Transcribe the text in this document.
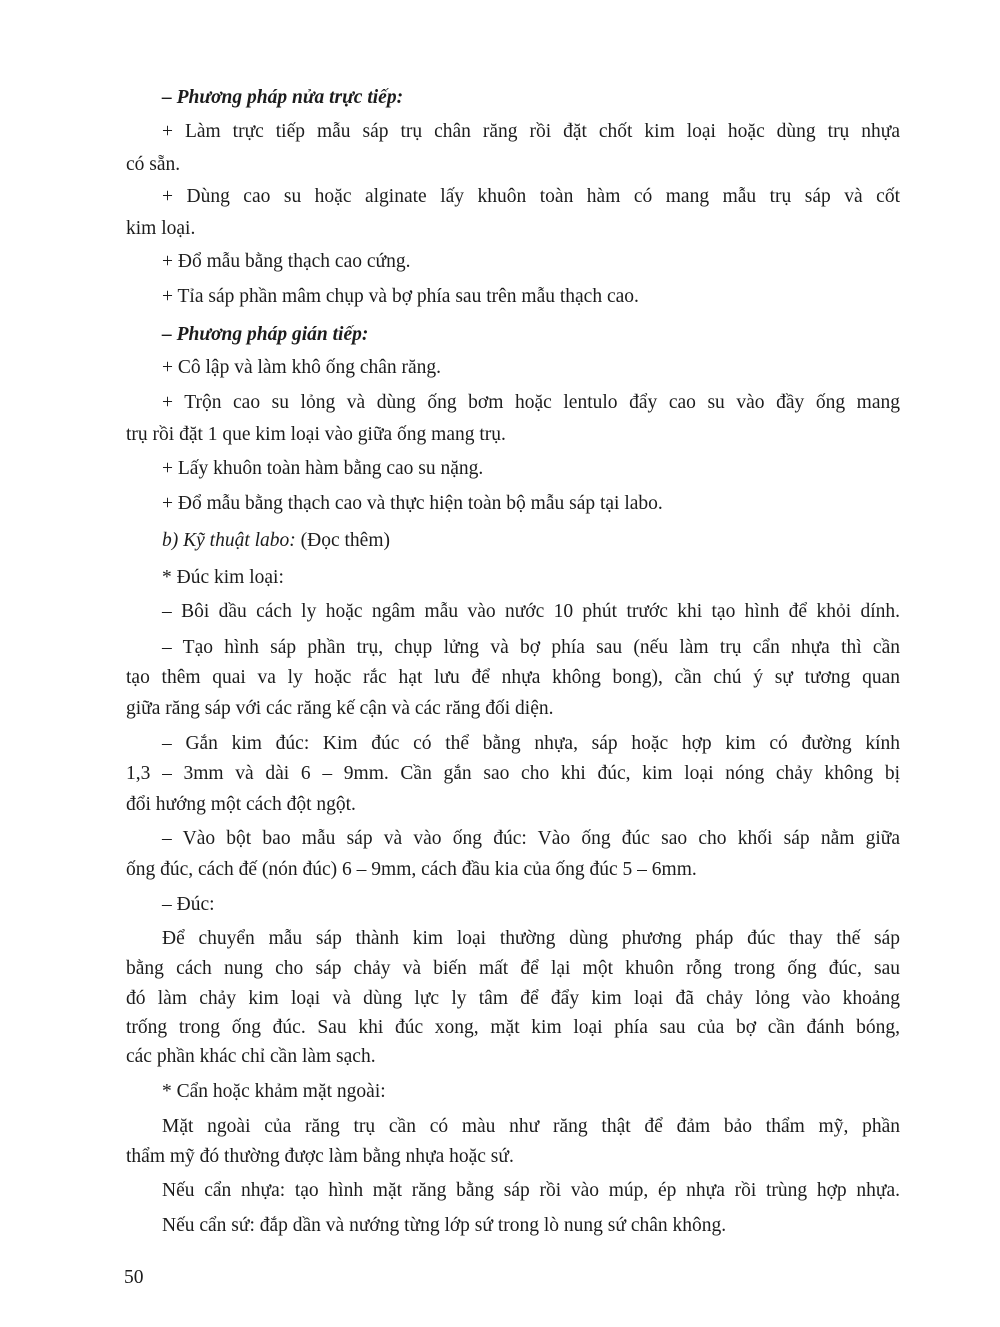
– Phương pháp nửa trực tiếp:

+ Làm trực tiếp mẫu sáp trụ chân răng rồi đặt chốt kim loại hoặc dùng trụ nhựa

có sẵn.

+ Dùng cao su hoặc alginate lấy khuôn toàn hàm có mang mẫu trụ sáp và cốt

kim loại.

+ Đổ mẫu bằng thạch cao cứng.

+ Tỉa sáp phần mâm chụp và bợ phía sau trên mẫu thạch cao.

– Phương pháp gián tiếp:

+ Cô lập và làm khô ống chân răng.

+ Trộn cao su lỏng và dùng ống bơm hoặc lentulo đẩy cao su vào đầy ống mang

trụ rồi đặt 1 que kim loại vào giữa ống mang trụ.

+ Lấy khuôn toàn hàm bằng cao su nặng.

+ Đổ mẫu bằng thạch cao và thực hiện toàn bộ mẫu sáp tại labo.

b) Kỹ thuật labo: (Đọc thêm)

* Đúc kim loại:

– Bôi dầu cách ly hoặc ngâm mẫu vào nước 10 phút trước khi tạo hình để khỏi dính.

– Tạo hình sáp phần trụ, chụp lửng và bợ phía sau (nếu làm trụ cẩn nhựa thì cần

tạo thêm quai va ly hoặc rắc hạt lưu để nhựa không bong), cần chú ý sự tương quan

giữa răng sáp với các răng kế cận và các răng đối diện.

– Gắn kim đúc: Kim đúc có thể bằng nhựa, sáp hoặc hợp kim có đường kính

1,3 – 3mm và dài 6 – 9mm. Cần gắn sao cho khi đúc, kim loại nóng chảy không bị

đổi hướng một cách đột ngột.

– Vào bột bao mẫu sáp và vào ống đúc: Vào ống đúc sao cho khối sáp nằm giữa

ống đúc, cách đế (nón đúc) 6 – 9mm, cách đầu kia của ống đúc 5 – 6mm.

– Đúc:

Để chuyển mẫu sáp thành kim loại thường dùng phương pháp đúc thay thế sáp

bằng cách nung cho sáp chảy và biến mất để lại một khuôn rỗng trong ống đúc, sau

đó làm chảy kim loại và dùng lực ly tâm để đẩy kim loại đã chảy lỏng vào khoảng

trống trong ống đúc. Sau khi đúc xong, mặt kim loại phía sau của bợ cần đánh bóng,

các phần khác chỉ cần làm sạch.

* Cẩn hoặc khảm mặt ngoài:

Mặt ngoài của răng trụ cần có màu như răng thật để đảm bảo thẩm mỹ, phần

thẩm mỹ đó thường được làm bằng nhựa hoặc sứ.

Nếu cẩn nhựa: tạo hình mặt răng bằng sáp rồi vào múp, ép nhựa rồi trùng hợp nhựa.

Nếu cẩn sứ: đắp dần và nướng từng lớp sứ trong lò nung sứ chân không.

50
